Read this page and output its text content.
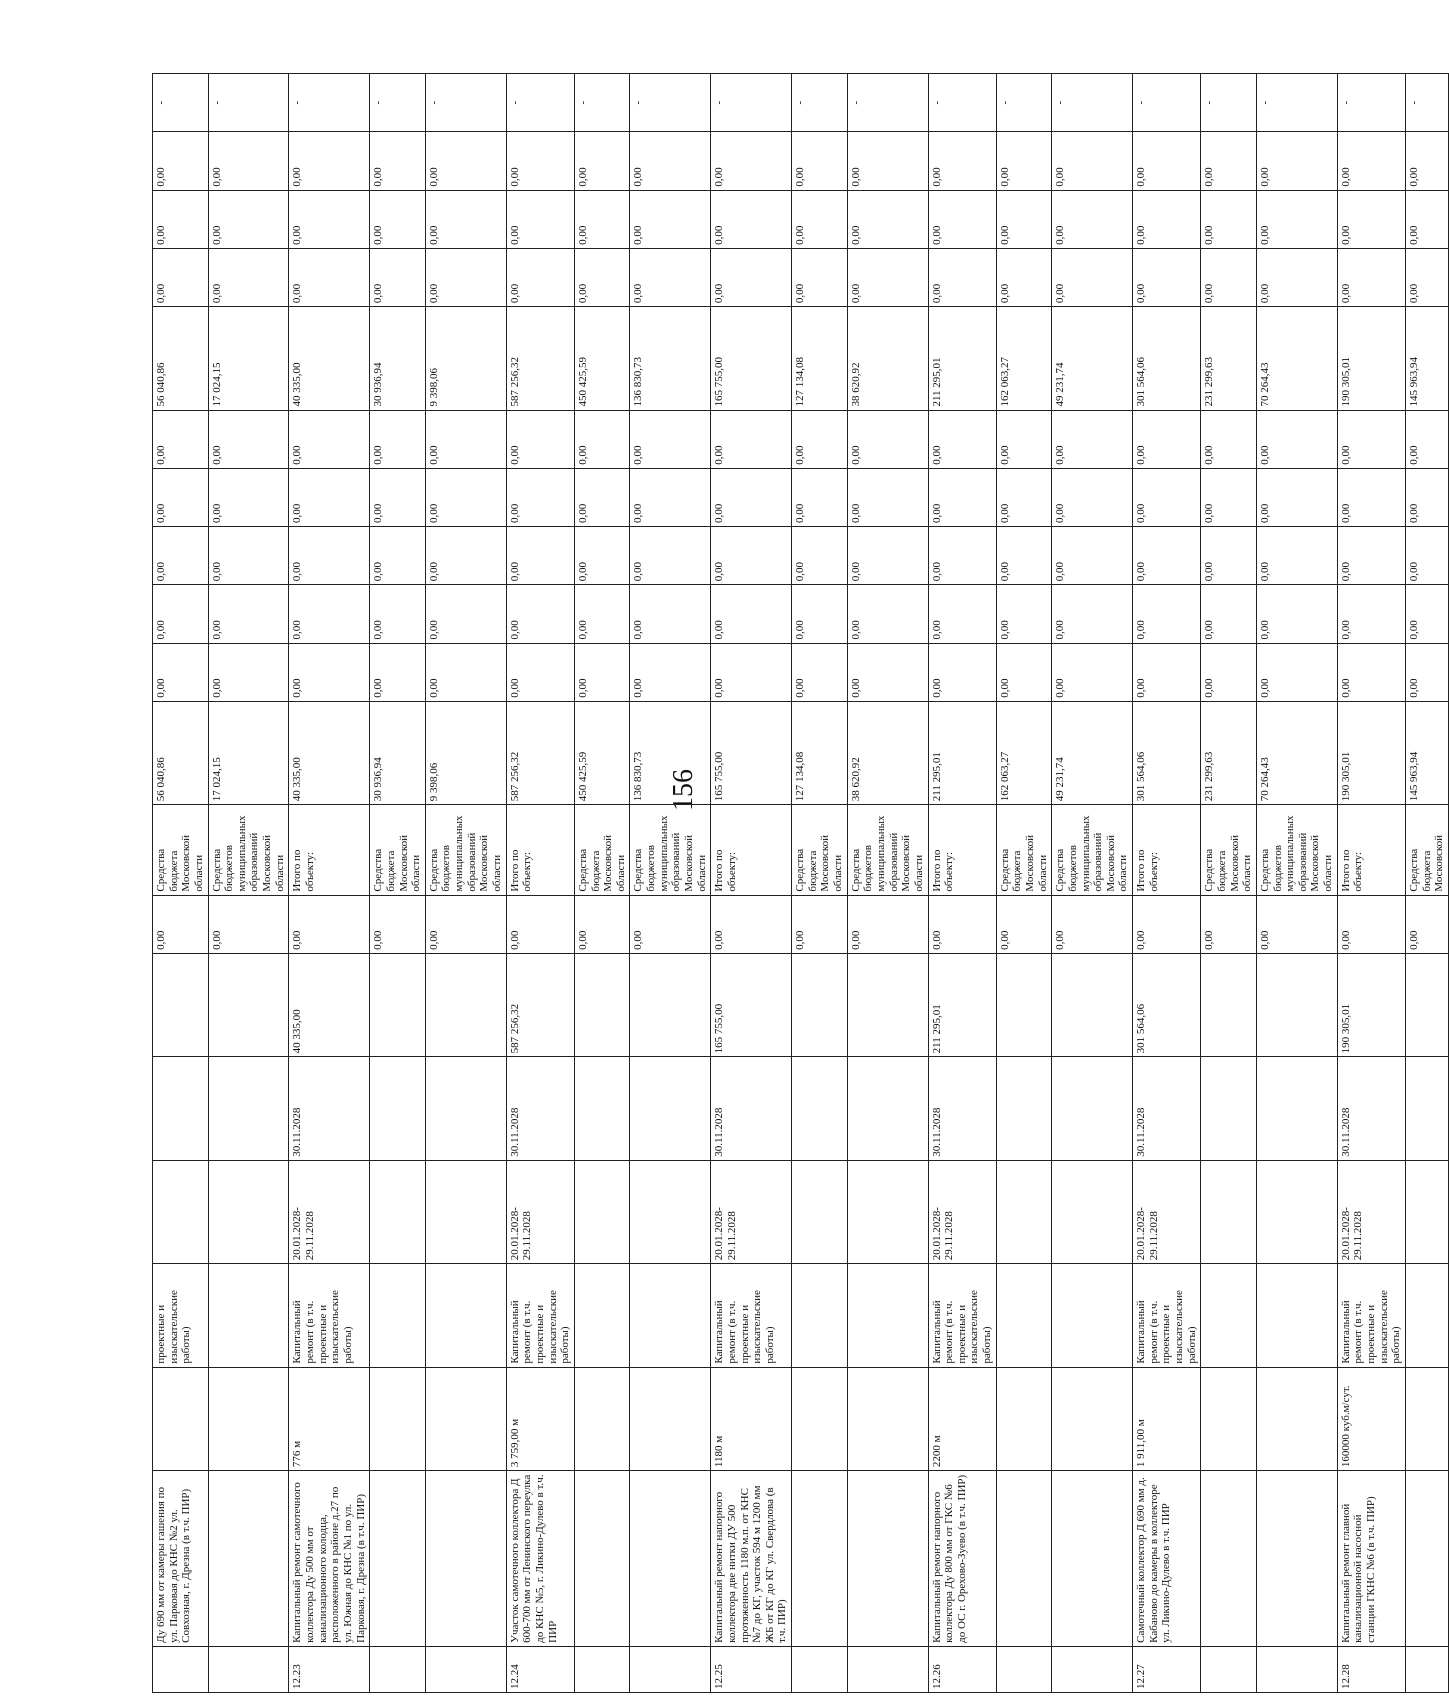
156
	Ду 690 мм от камеры гашения по ул. Парковая до КНС №2 ул. Совхозная, г. Дрезна (в т.ч. ПИР)		проектные и изыскательские работы)				0,00	Средства бюджета Московской области	56 040,86	0,00	0,00	0,00	0,00	0,00	56 040,86	0,00	0,00	0,00	-
							0,00	Средства бюджетов муниципальных образований Московской области	17 024,15	0,00	0,00	0,00	0,00	0,00	17 024,15	0,00	0,00	0,00	-
12.23	Капитальный ремонт самотечного коллектора Ду 500 мм от канализационного колодца, расположенного в районе д.27 по ул. Южная до КНС №1 по ул. Парковая, г. Дрезна (в т.ч. ПИР)	776 м	Капитальный ремонт (в т.ч. проектные и изыскательские работы)	20.01.2028-29.11.2028	30.11.2028	40 335,00	0,00	Итого по объекту:	40 335,00	0,00	0,00	0,00	0,00	0,00	40 335,00	0,00	0,00	0,00	-
							0,00	Средства бюджета Московской области	30 936,94	0,00	0,00	0,00	0,00	0,00	30 936,94	0,00	0,00	0,00	-
							0,00	Средства бюджетов муниципальных образований Московской области	9 398,06	0,00	0,00	0,00	0,00	0,00	9 398,06	0,00	0,00	0,00	-
12.24	Участок самотечного коллектора Д 600-700 мм от Ленинского переулка до КНС №5, г. Ликино-Дулево в т.ч. ПИР	3 759,00 м	Капитальный ремонт (в т.ч. проектные и изыскательские работы)	20.01.2028-29.11.2028	30.11.2028	587 256,32	0,00	Итого по объекту:	587 256,32	0,00	0,00	0,00	0,00	0,00	587 256,32	0,00	0,00	0,00	-
							0,00	Средства бюджета Московской области	450 425,59	0,00	0,00	0,00	0,00	0,00	450 425,59	0,00	0,00	0,00	-
							0,00	Средства бюджетов муниципальных образований Московской области	136 830,73	0,00	0,00	0,00	0,00	0,00	136 830,73	0,00	0,00	0,00	-
12.25	Капитальный ремонт напорного коллектора две нитки ДУ 500 протяженность 1180 м.п. от КНС №7 до КГ, участок 594 м 1200 мм ЖБ от КГ до КГ ул. Свердлова (в т.ч. ПИР)	1180 м	Капитальный ремонт (в т.ч. проектные и изыскательские работы)	20.01.2028-29.11.2028	30.11.2028	165 755,00	0,00	Итого по объекту:	165 755,00	0,00	0,00	0,00	0,00	0,00	165 755,00	0,00	0,00	0,00	-
							0,00	Средства бюджета Московской области	127 134,08	0,00	0,00	0,00	0,00	0,00	127 134,08	0,00	0,00	0,00	-
							0,00	Средства бюджетов муниципальных образований Московской области	38 620,92	0,00	0,00	0,00	0,00	0,00	38 620,92	0,00	0,00	0,00	-
12.26	Капитальный ремонт напорного коллектора Ду 800 мм от ГКС №6 до ОС г. Орехово-Зуево (в т.ч. ПИР)	2200 м	Капитальный ремонт (в т.ч. проектные и изыскательские работы)	20.01.2028-29.11.2028	30.11.2028	211 295,01	0,00	Итого по объекту:	211 295,01	0,00	0,00	0,00	0,00	0,00	211 295,01	0,00	0,00	0,00	-
							0,00	Средства бюджета Московской области	162 063,27	0,00	0,00	0,00	0,00	0,00	162 063,27	0,00	0,00	0,00	-
							0,00	Средства бюджетов муниципальных образований Московской области	49 231,74	0,00	0,00	0,00	0,00	0,00	49 231,74	0,00	0,00	0,00	-
12.27	Самотечный коллектор Д 690 мм д. Кабаново до камеры в коллекторе ул. Ликино-Дулево в т.ч. ПИР	1 911,00 м	Капитальный ремонт (в т.ч. проектные и изыскательские работы)	20.01.2028-29.11.2028	30.11.2028	301 564,06	0,00	Итого по объекту:	301 564,06	0,00	0,00	0,00	0,00	0,00	301 564,06	0,00	0,00	0,00	-
							0,00	Средства бюджета Московской области	231 299,63	0,00	0,00	0,00	0,00	0,00	231 299,63	0,00	0,00	0,00	-
							0,00	Средства бюджетов муниципальных образований Московской области	70 264,43	0,00	0,00	0,00	0,00	0,00	70 264,43	0,00	0,00	0,00	-
12.28	Капитальный ремонт главной канализационной насосной станции ГКНС №6 (в т.ч. ПИР)	160000 куб.м/сут.	Капитальный ремонт (в т.ч. проектные и изыскательские работы)	20.01.2028-29.11.2028	30.11.2028	190 305,01	0,00	Итого по объекту:	190 305,01	0,00	0,00	0,00	0,00	0,00	190 305,01	0,00	0,00	0,00	-
							0,00	Средства бюджета Московской	145 963,94	0,00	0,00	0,00	0,00	0,00	145 963,94	0,00	0,00	0,00	-
